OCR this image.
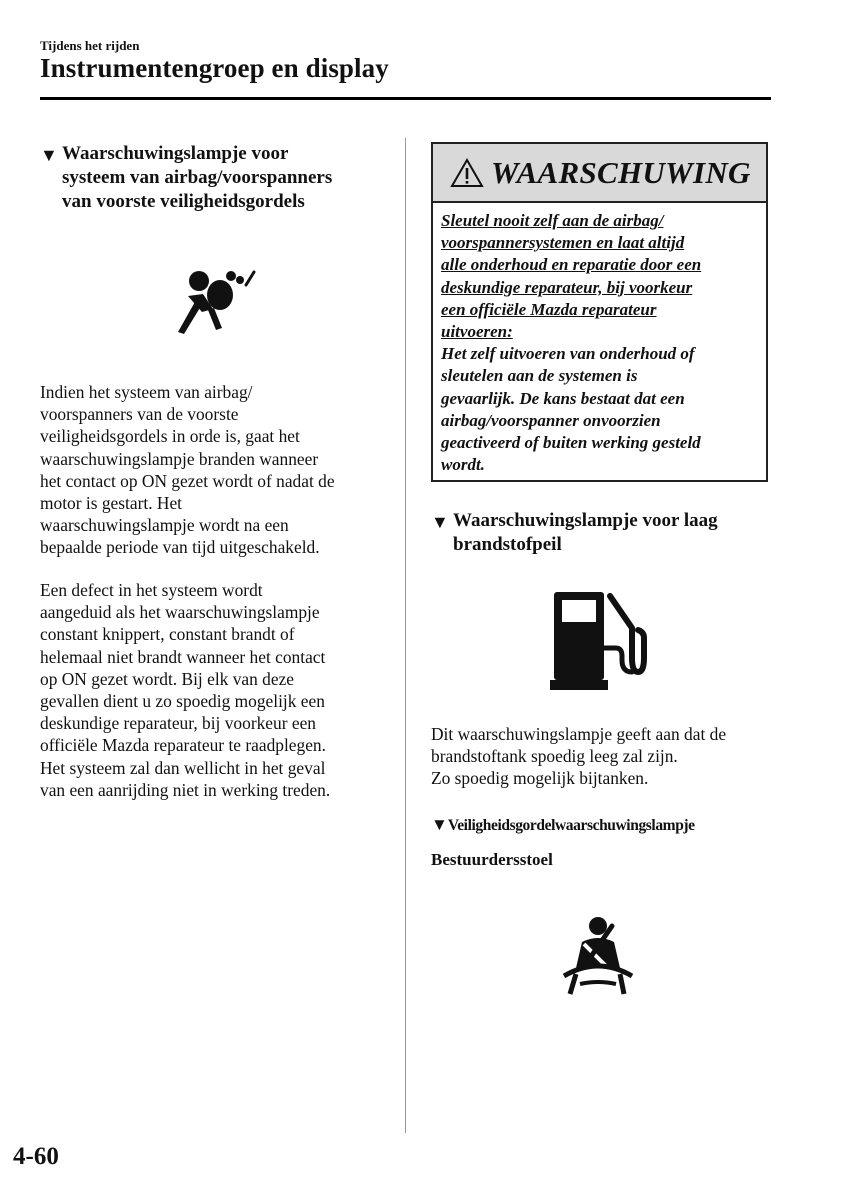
Tijdens het rijden
Instrumentengroep en display
▼ Waarschuwingslampje voor
systeem van airbag/voorspanners
van voorste veiligheidsgordels

Indien het systeem van airbag/

voorspanners van de voorste

veiligheidsgordels in orde is, gaat het

waarschuwingslampje branden wanneer

het contact op ON gezet wordt of nadat de

motor is gestart. Het

waarschuwingslampje wordt na een

bepaalde periode van tijd uitgeschakeld.

Een defect in het systeem wordt

aangeduid als het waarschuwingslampje

constant knippert, constant brandt of

helemaal niet brandt wanneer het contact

op ON gezet wordt. Bij elk van deze

gevallen dient u zo spoedig mogelijk een

deskundige reparateur, bij voorkeur een

officiële Mazda reparateur te raadplegen.

Het systeem zal dan wellicht in het geval

van een aanrijding niet in werking treden.

WAARSCHUWING
Sleutel nooit zelf aan de airbag/
voorspannersystemen en laat altijd
alle onderhoud en reparatie door een
deskundige reparateur, bij voorkeur
een officiële Mazda reparateur
uitvoeren:
Het zelf uitvoeren van onderhoud of
sleutelen aan de systemen is
gevaarlijk. De kans bestaat dat een
airbag/voorspanner onvoorzien
geactiveerd of buiten werking gesteld
wordt.
▼ Waarschuwingslampje voor laag
brandstofpeil

Dit waarschuwingslampje geeft aan dat de

brandstoftank spoedig leeg zal zijn.

Zo spoedig mogelijk bijtanken.

▼Veiligheidsgordelwaarschuwingslampje
Bestuurdersstoel
4-60
